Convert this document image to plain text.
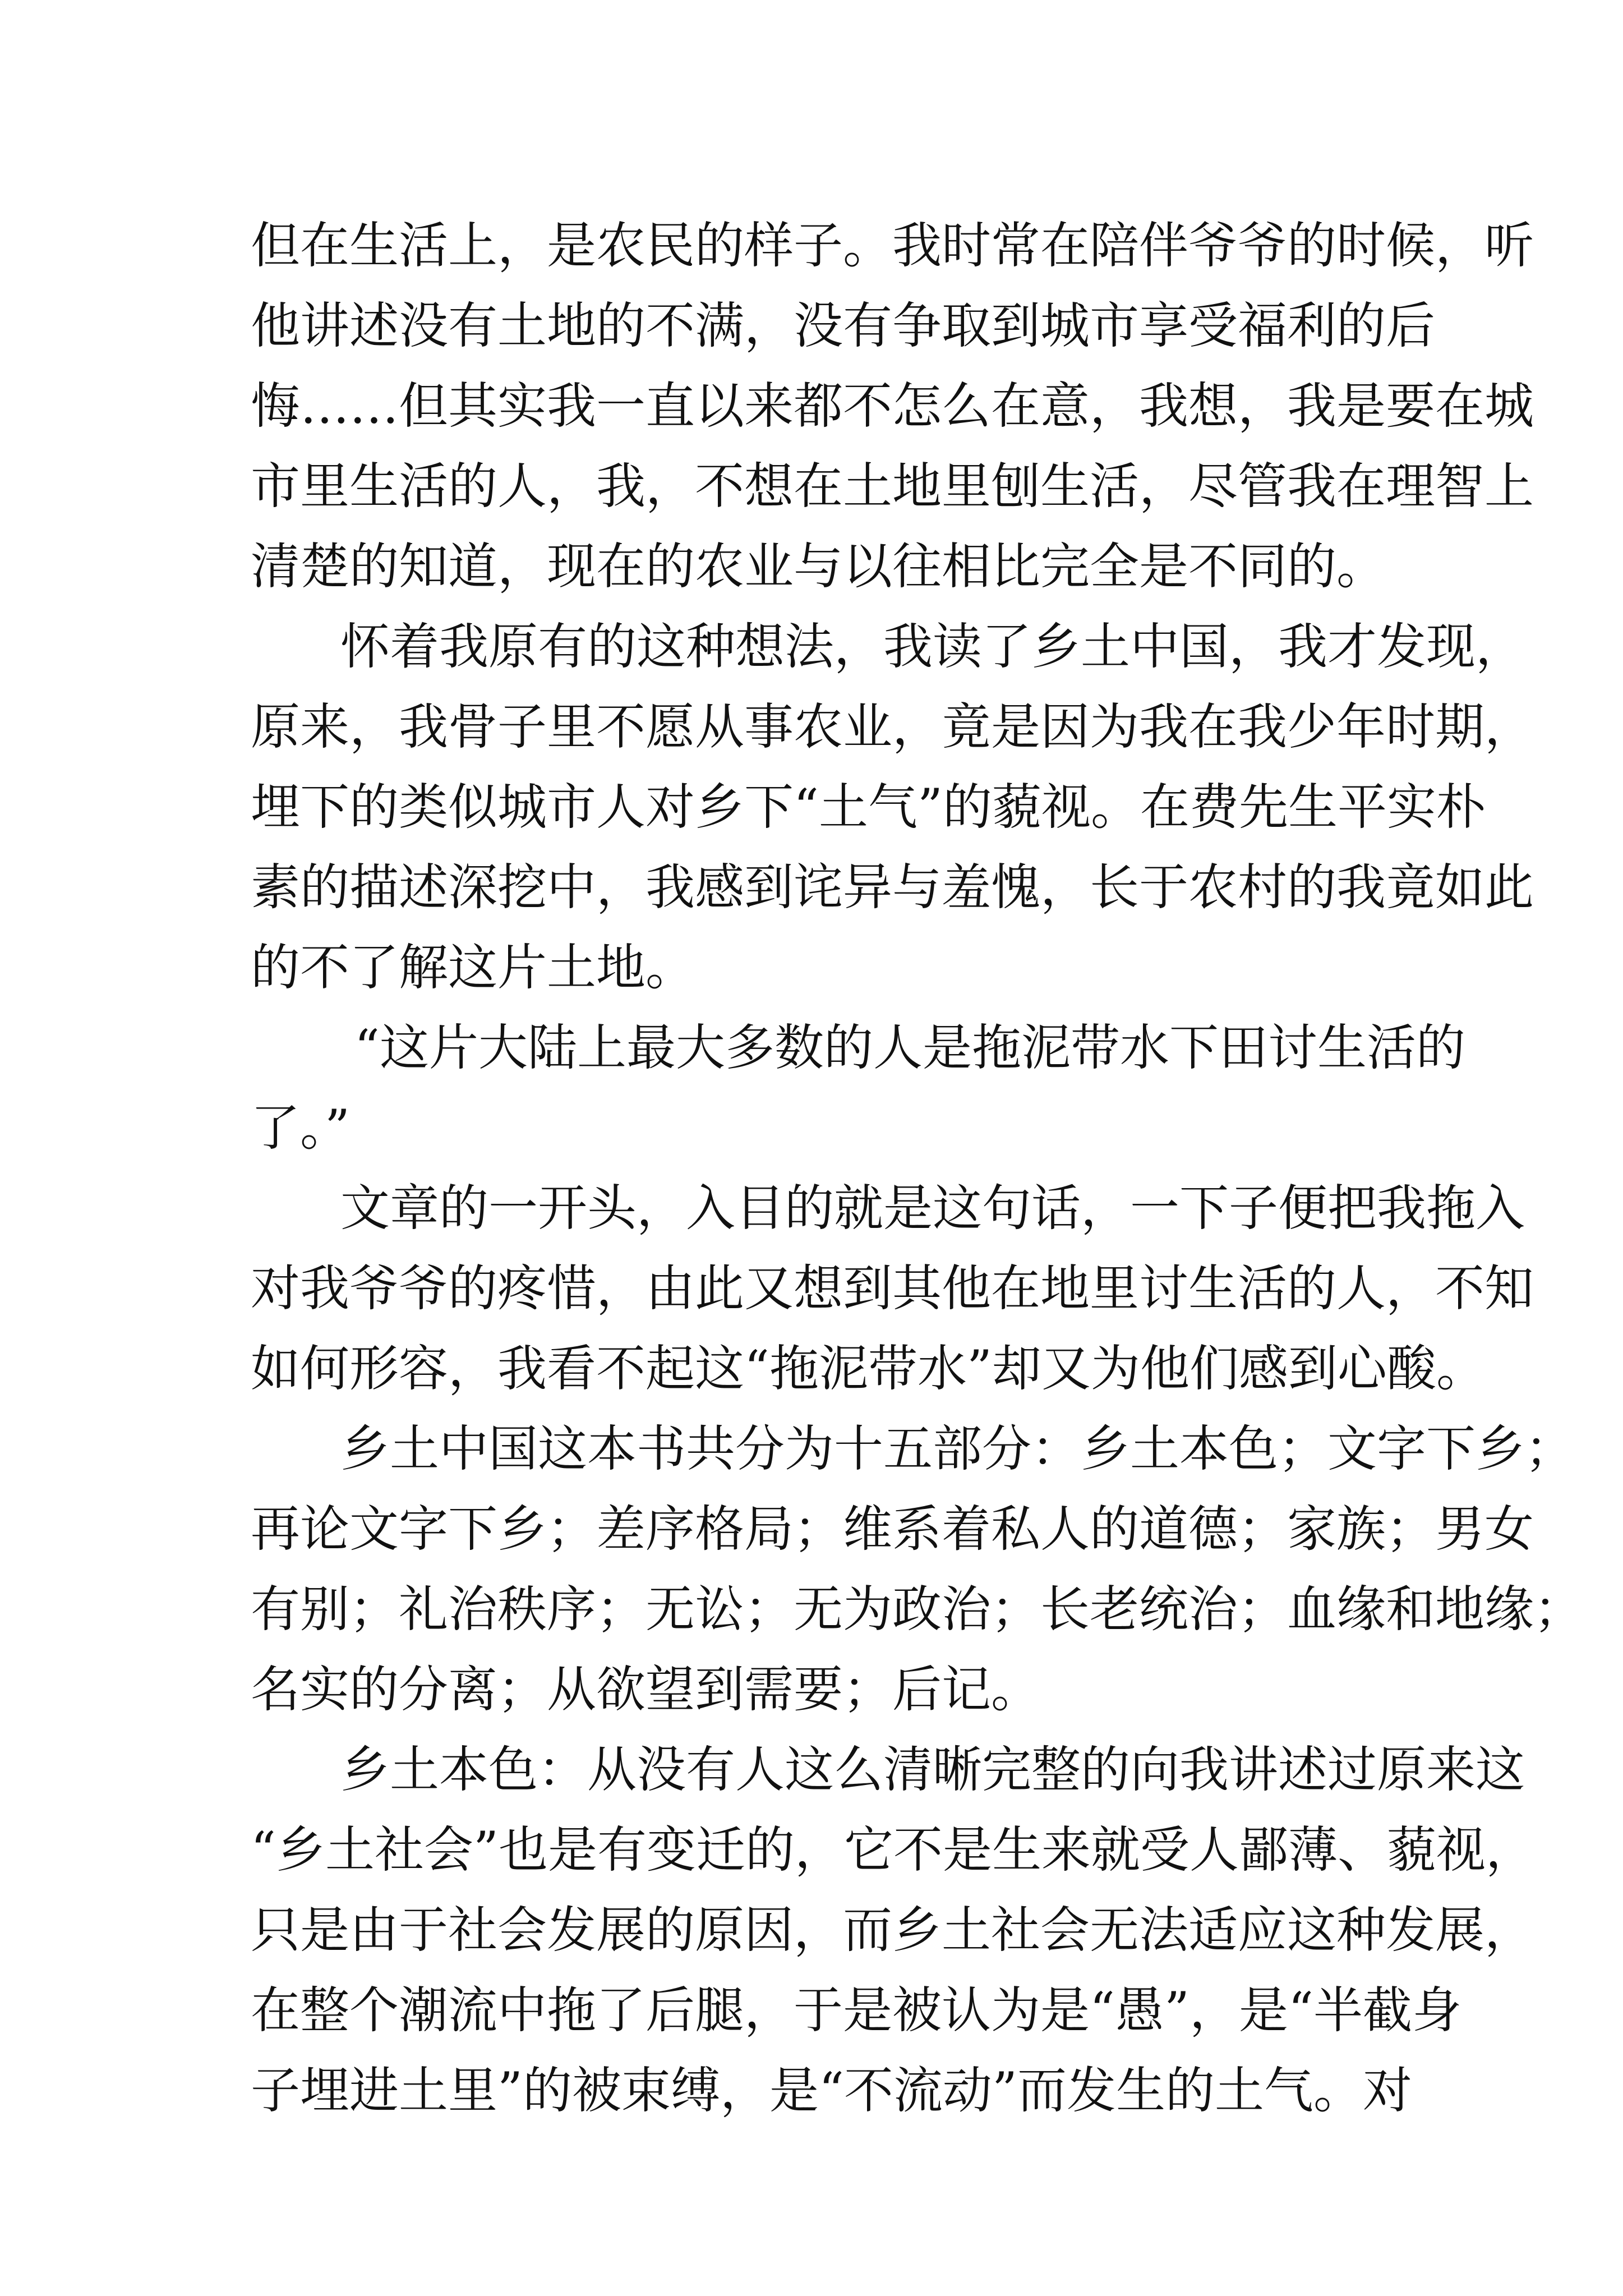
但在生活上，是农民的样子。我时常在陪伴爷爷的时候，听
他讲述没有土地的不满，没有争取到城市享受福利的后
悔……但其实我一直以来都不怎么在意，我想，我是要在城
市里生活的人，我，不想在土地里刨生活，尽管我在理智上
清楚的知道，现在的农业与以往相比完全是不同的。
怀着我原有的这种想法，我读了乡土中国，我才发现，
原来，我骨子里不愿从事农业，竟是因为我在我少年时期，
埋下的类似城市人对乡下“土气”的藐视。在费先生平实朴
素的描述深挖中，我感到诧异与羞愧，长于农村的我竟如此
的不了解这片土地。
“这片大陆上最大多数的人是拖泥带水下田讨生活的
了。”
文章的一开头，入目的就是这句话，一下子便把我拖入
对我爷爷的疼惜，由此又想到其他在地里讨生活的人，不知
如何形容，我看不起这“拖泥带水”却又为他们感到心酸。
乡土中国这本书共分为十五部分：乡土本色；文字下乡；
再论文字下乡；差序格局；维系着私人的道德；家族；男女
有别；礼治秩序；无讼；无为政治；长老统治；血缘和地缘；
名实的分离；从欲望到需要；后记。
乡土本色：从没有人这么清晰完整的向我讲述过原来这
“乡土社会”也是有变迁的，它不是生来就受人鄙薄、藐视，
只是由于社会发展的原因，而乡土社会无法适应这种发展，
在整个潮流中拖了后腿，于是被认为是“愚”，是“半截身
子埋进土里”的被束缚，是“不流动”而发生的土气。对
